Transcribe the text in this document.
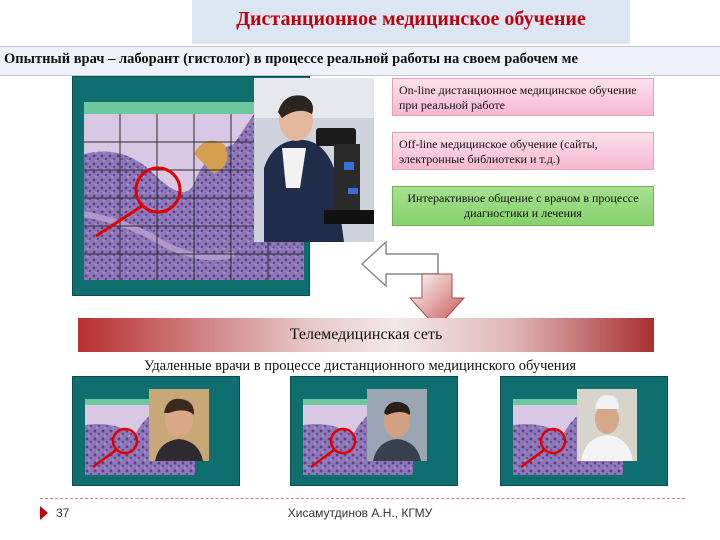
Дистанционное медицинское обучение
Опытный врач – лаборант (гистолог) в процессе реальной работы на своем рабочем ме
On-line дистанционное медицинское обучение при реальной работе
Off-line медицинское обучение (сайты, электронные библиотеки и т.д.)
Интерактивное общение с врачом в процессе диагностики и лечения
Телемедицинская сеть
Удаленные врачи в процессе дистанционного медицинского обучения
37	Хисамутдинов А.Н., КГМУ
